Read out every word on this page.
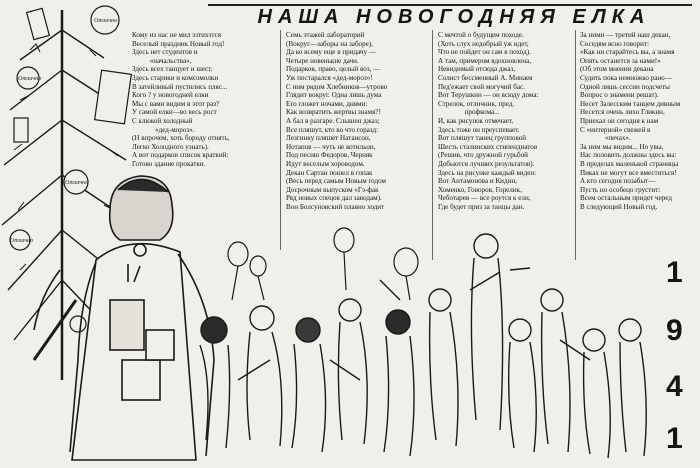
Отлично
Отлично
Отлично
Отлично
НАША НОВОГОДНЯЯ ЕЛКА
Кому из нас не мил эзтихэтся
Веселый праздник Новый год!
Здесь нет студентов и
«начальства»,
Здесь всех танцует и шест.
Здесь старики и комсомолки
В затейливый пустились пляс...
Кого ? у новогодней елки
Мы с вами видим в этот раз?
У самой елки—во весь рост
С клюкой холодный
«дед-мороз».
(Н впрочем, хоть бороду отнять,
Легко Холодного узнать).
А вот подарков список краткий:
Готово здание прокатки.
Семь этажей лабораторий
(Вокруг—заборы на заборе),
Да ко всему еще в придачу —
Четыре новенькие дачи.
Подарков, право, целый воз, —
Уж постарался «дед-мороз»!
С ним рядом Хлебников—утрово
Глядит вокруг. Одна лишь дума
Его гложет ночами, днями:
Как возвратить жертвы знамя?!
А бал в разгаре. Слышен джаз;
Все пляшут, кто во что горазд:
Лезгинку пляшет Натансон,
Нотапов — чуть не котильон,
Под песню Федоров, Черняк
Идут веселым хороводом.
Декан Сартан пошел в гопак
(Весь перед самым Новым годом
Досрочным выпуском «Гэ-фак
Ряд новых спецов дал заводам).
Вон Болсуновский плавно ходит
С мечтой о будущем походе.
(Хоть слух недобрый уж идет,
Что не пойдет он сам в поход).
А там, примером вдохновлена,
Невидимый отсюда джаз,
Солист бессменный А. Минаев
Пед'ежает свой могучий бас.
Вот Терушкин — он всюду дома:
Стрелок, отличник, пред.
профкома...
И, как рисунок отмечает,
Здесь тоже он преуспевает.
Вот пляшут танец групповой
Шесть сталинских стипендиатов
(Решив, что дружной гурьбой
Добьются лучших результатов).
Здесь на рисунке каждый виден:
Вот Антамонова и Кидин,
Хоменко, Говоров, Горелик,
Чеботарев — все роутся к ели,
Где будет приз за танцы дан.
За ними — третий наш декан,
Соседям ясно говорит:
«Как ни старайтесь вы, а знамя
Опять останется за нами!»
(Об этом мнении декана
Судить пока немножко рано—
Одной лишь сессии подсчеты
Вопрос о знамени решат).
Несет Залесским танцем дивным
Несется очень лихо Гликин,
Приехал он сегодня к нам
С «интерной» свежей в
«печах».
За ним мы видим... Но увы,
Нас половить должны здесь вы:
В пределах маленькой страницы
Пиках не могут все вместиться!
А кто сегодня позабыт—
Пусть но особецо грустит:
Всем остальным придет черед
В следующий Новый год.
1
9
4
1
